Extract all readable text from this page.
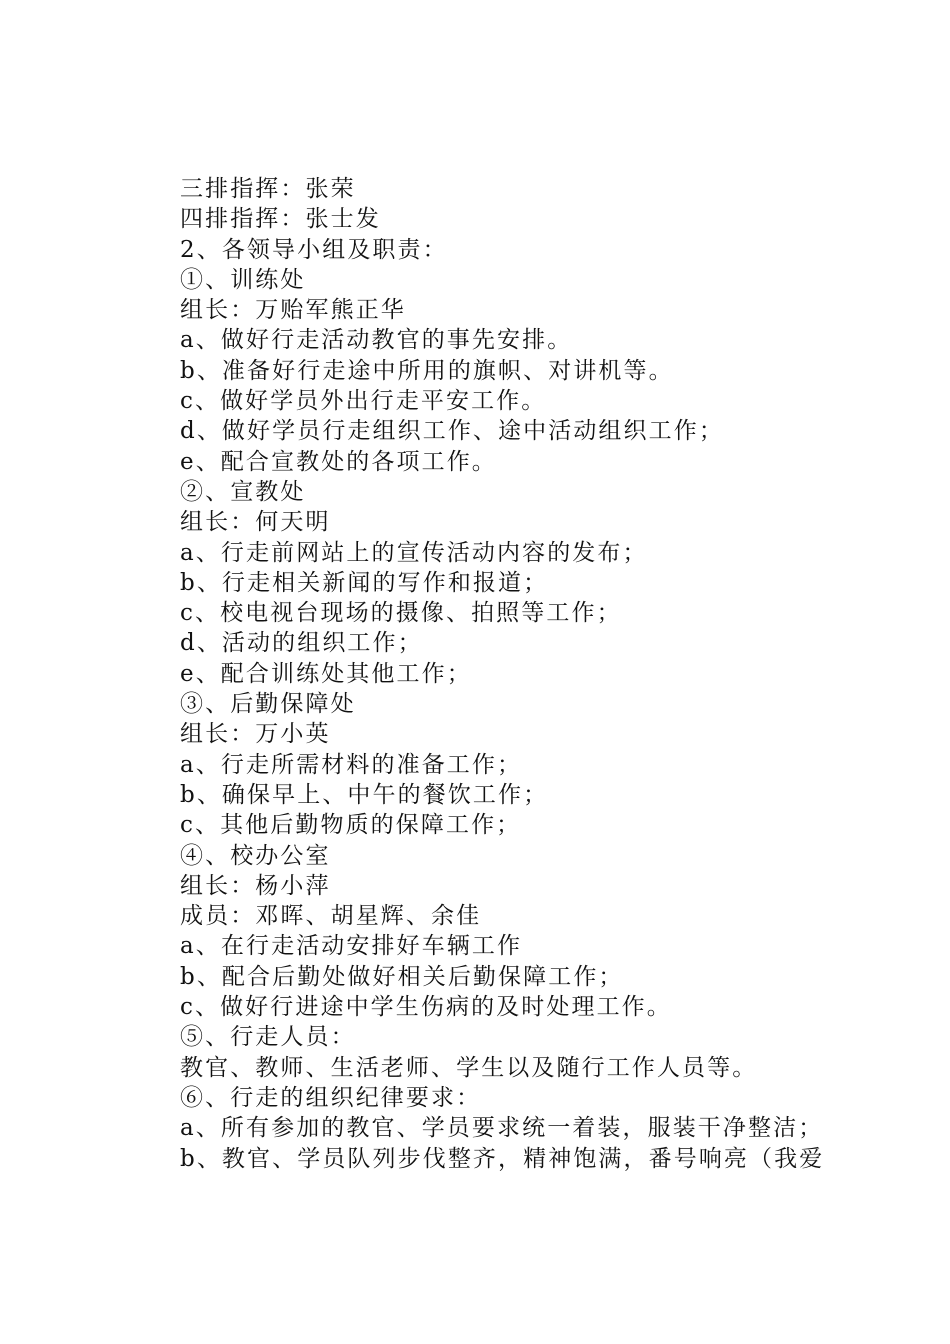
三排指挥：张荣
四排指挥：张士发
2、各领导小组及职责：
①、训练处
组长：万贻军熊正华
a、做好行走活动教官的事先安排。
b、准备好行走途中所用的旗帜、对讲机等。
c、做好学员外出行走平安工作。
d、做好学员行走组织工作、途中活动组织工作；
e、配合宣教处的各项工作。
②、宣教处
组长：何天明
a、行走前网站上的宣传活动内容的发布；
b、行走相关新闻的写作和报道；
c、校电视台现场的摄像、拍照等工作；
d、活动的组织工作；
e、配合训练处其他工作；
③、后勤保障处
组长：万小英
a、行走所需材料的准备工作；
b、确保早上、中午的餐饮工作；
c、其他后勤物质的保障工作；
④、校办公室
组长：杨小萍
成员：邓晖、胡星辉、余佳
a、在行走活动安排好车辆工作
b、配合后勤处做好相关后勤保障工作；
c、做好行进途中学生伤病的及时处理工作。
⑤、行走人员：
教官、教师、生活老师、学生以及随行工作人员等。
⑥、行走的组织纪律要求：
a、所有参加的教官、学员要求统一着装，服装干净整洁；
b、教官、学员队列步伐整齐，精神饱满，番号响亮（我爱
